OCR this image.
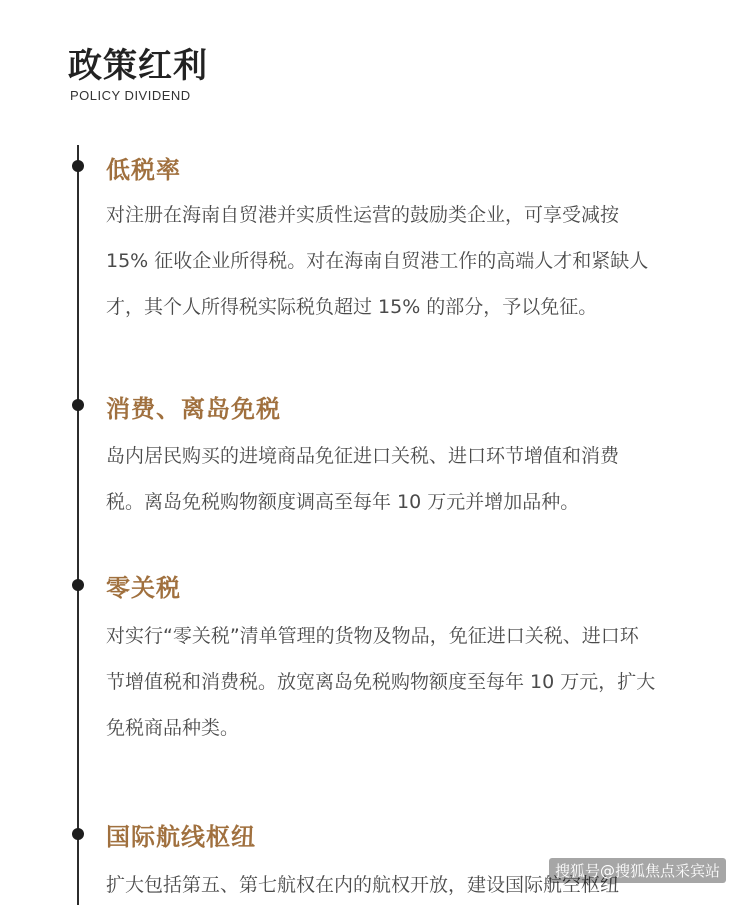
政策红利
POLICY DIVIDEND
低税率
对注册在海南自贸港并实质性运营的鼓励类企业，可享受减按
15% 征收企业所得税。对在海南自贸港工作的高端人才和紧缺人
才，其个人所得税实际税负超过 15% 的部分，予以免征。
消费、离岛免税
岛内居民购买的进境商品免征进口关税、进口环节增值和消费
税。离岛免税购物额度调高至每年 10 万元并增加品种。
零关税
对实行“零关税”清单管理的货物及物品，免征进口关税、进口环
节增值税和消费税。放宽离岛免税购物额度至每年 10 万元，扩大
免税商品种类。
国际航线枢纽
扩大包括第五、第七航权在内的航权开放，建设国际航空枢纽
搜狐号@搜狐焦点采宾站
